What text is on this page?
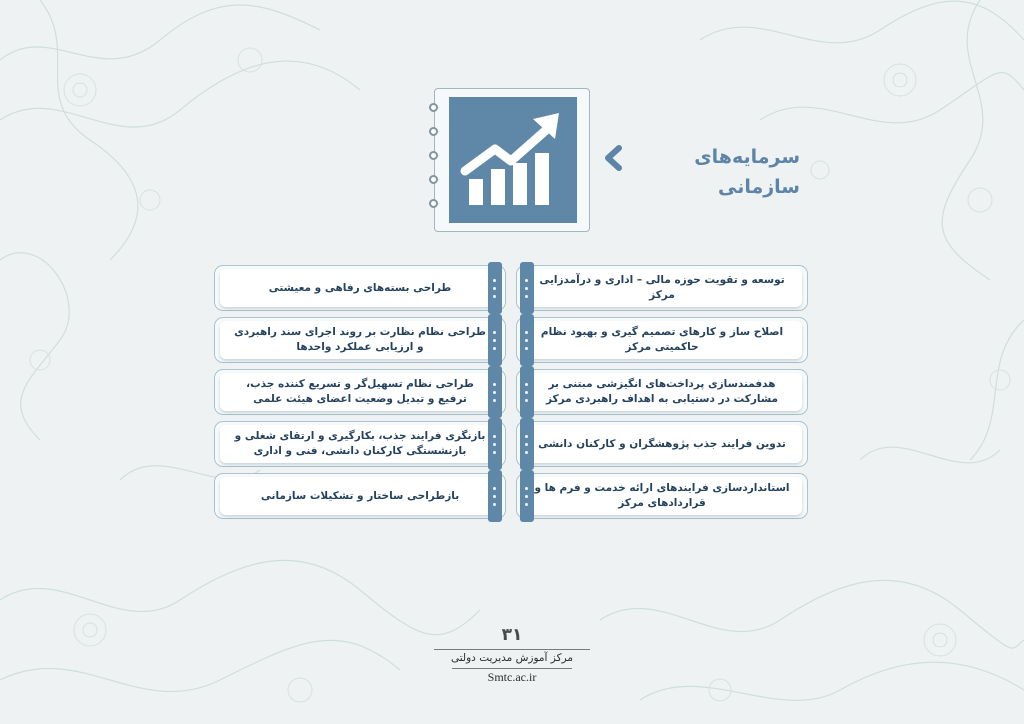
سرمایه‌های سازمانی
توسعه و تقویت حوزه مالی – اداری و درآمدزایی مرکز
اصلاح ساز و کارهای تصمیم گیری و بهبود نظام حاکمیتی مرکز
هدفمندسازی پرداخت‌های انگیزشی مبتنی بر مشارکت در دستیابی به اهداف راهبردی مرکز
تدوین فرایند جذب پژوهشگران و کارکنان دانشی
استانداردسازی فرایندهای ارائه خدمت و فرم ها و قراردادهای مرکز
طراحی بسته‌های رفاهی و معیشتی
طراحی نظام نظارت بر روند اجرای سند راهبردی و ارزیابی عملکرد واحدها
طراحی نظام تسهیل‌گر و تسریع کننده جذب، ترفیع و تبدیل وضعیت اعضای هیئت علمی
بازنگری فرایند جذب، بکارگیری و ارتقای شغلی و بازنشستگی کارکنان دانشی، فنی و اداری
بازطراحی ساختار و تشکیلات سازمانی
۳۱
مرکز آموزش مدیریت دولتی
Smtc.ac.ir
